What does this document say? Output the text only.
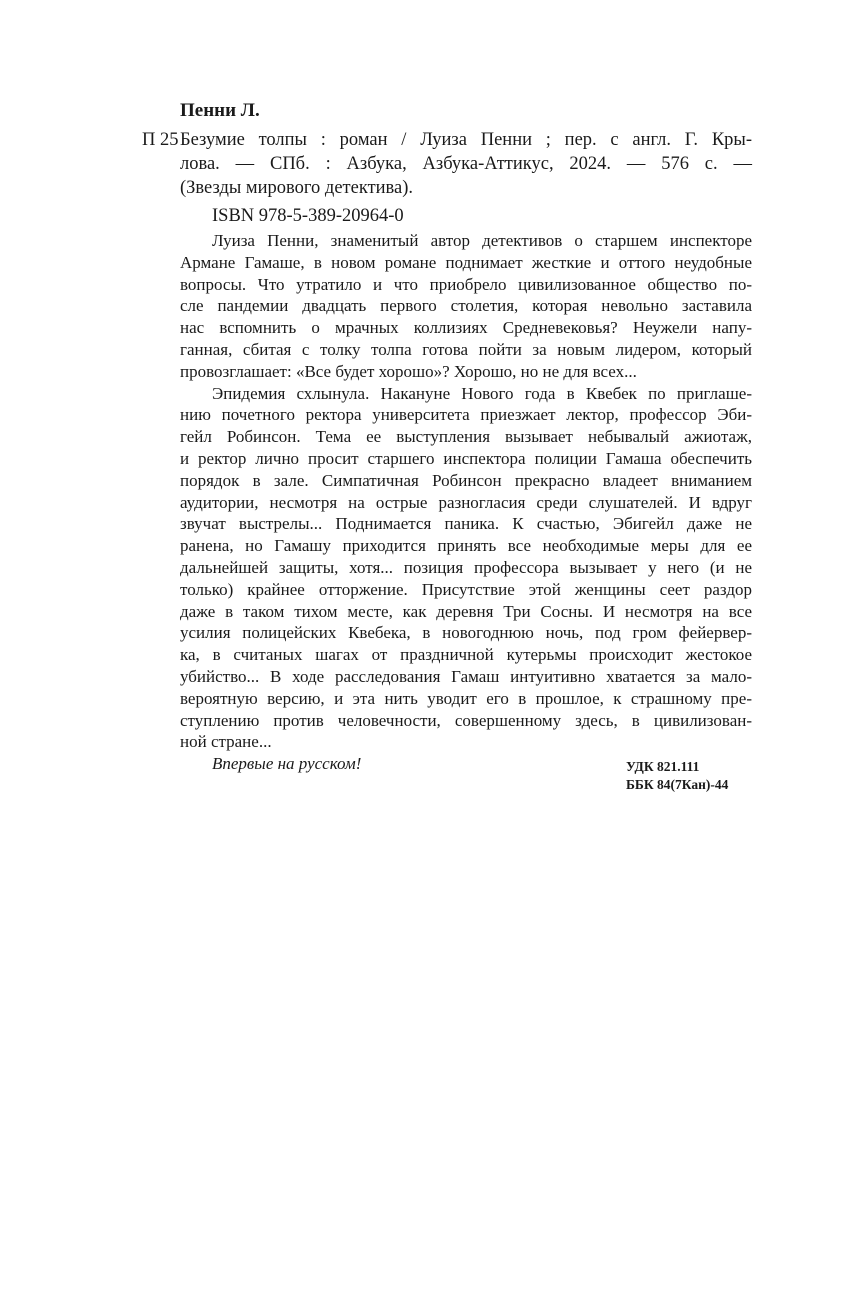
Пенни Л.
П 25 Безумие толпы : роман / Луиза Пенни ; пер. с англ. Г. Кры-
лова. — СПб. : Азбука, Азбука-Аттикус, 2024. — 576 с. —
(Звезды мирового детектива).
ISBN 978-5-389-20964-0
Луиза Пенни, знаменитый автор детективов о старшем инспекторе
Армане Гамаше, в новом романе поднимает жесткие и оттого неудобные
вопросы. Что утратило и что приобрело цивилизованное общество по-
сле пандемии двадцать первого столетия, которая невольно заставила
нас вспомнить о мрачных коллизиях Средневековья? Неужели напу-
ганная, сбитая с толку толпа готова пойти за новым лидером, который
провозглашает: «Все будет хорошо»? Хорошо, но не для всех...
Эпидемия схлынула. Накануне Нового года в Квебек по приглаше-
нию почетного ректора университета приезжает лектор, профессор Эби-
гейл Робинсон. Тема ее выступления вызывает небывалый ажиотаж,
и ректор лично просит старшего инспектора полиции Гамаша обеспечить
порядок в зале. Симпатичная Робинсон прекрасно владеет вниманием
аудитории, несмотря на острые разногласия среди слушателей. И вдруг
звучат выстрелы... Поднимается паника. К счастью, Эбигейл даже не
ранена, но Гамашу приходится принять все необходимые меры для ее
дальнейшей защиты, хотя... позиция профессора вызывает у него (и не
только) крайнее отторжение. Присутствие этой женщины сеет раздор
даже в таком тихом месте, как деревня Три Сосны. И несмотря на все
усилия полицейских Квебека, в новогоднюю ночь, под гром фейервер-
ка, в считаных шагах от праздничной кутерьмы происходит жестокое
убийство... В ходе расследования Гамаш интуитивно хватается за мало-
вероятную версию, и эта нить уводит его в прошлое, к страшному пре-
ступлению против человечности, совершенному здесь, в цивилизован-
ной стране...
Впервые на русском!	УДК 821.111
ББК 84(7Кан)-44
